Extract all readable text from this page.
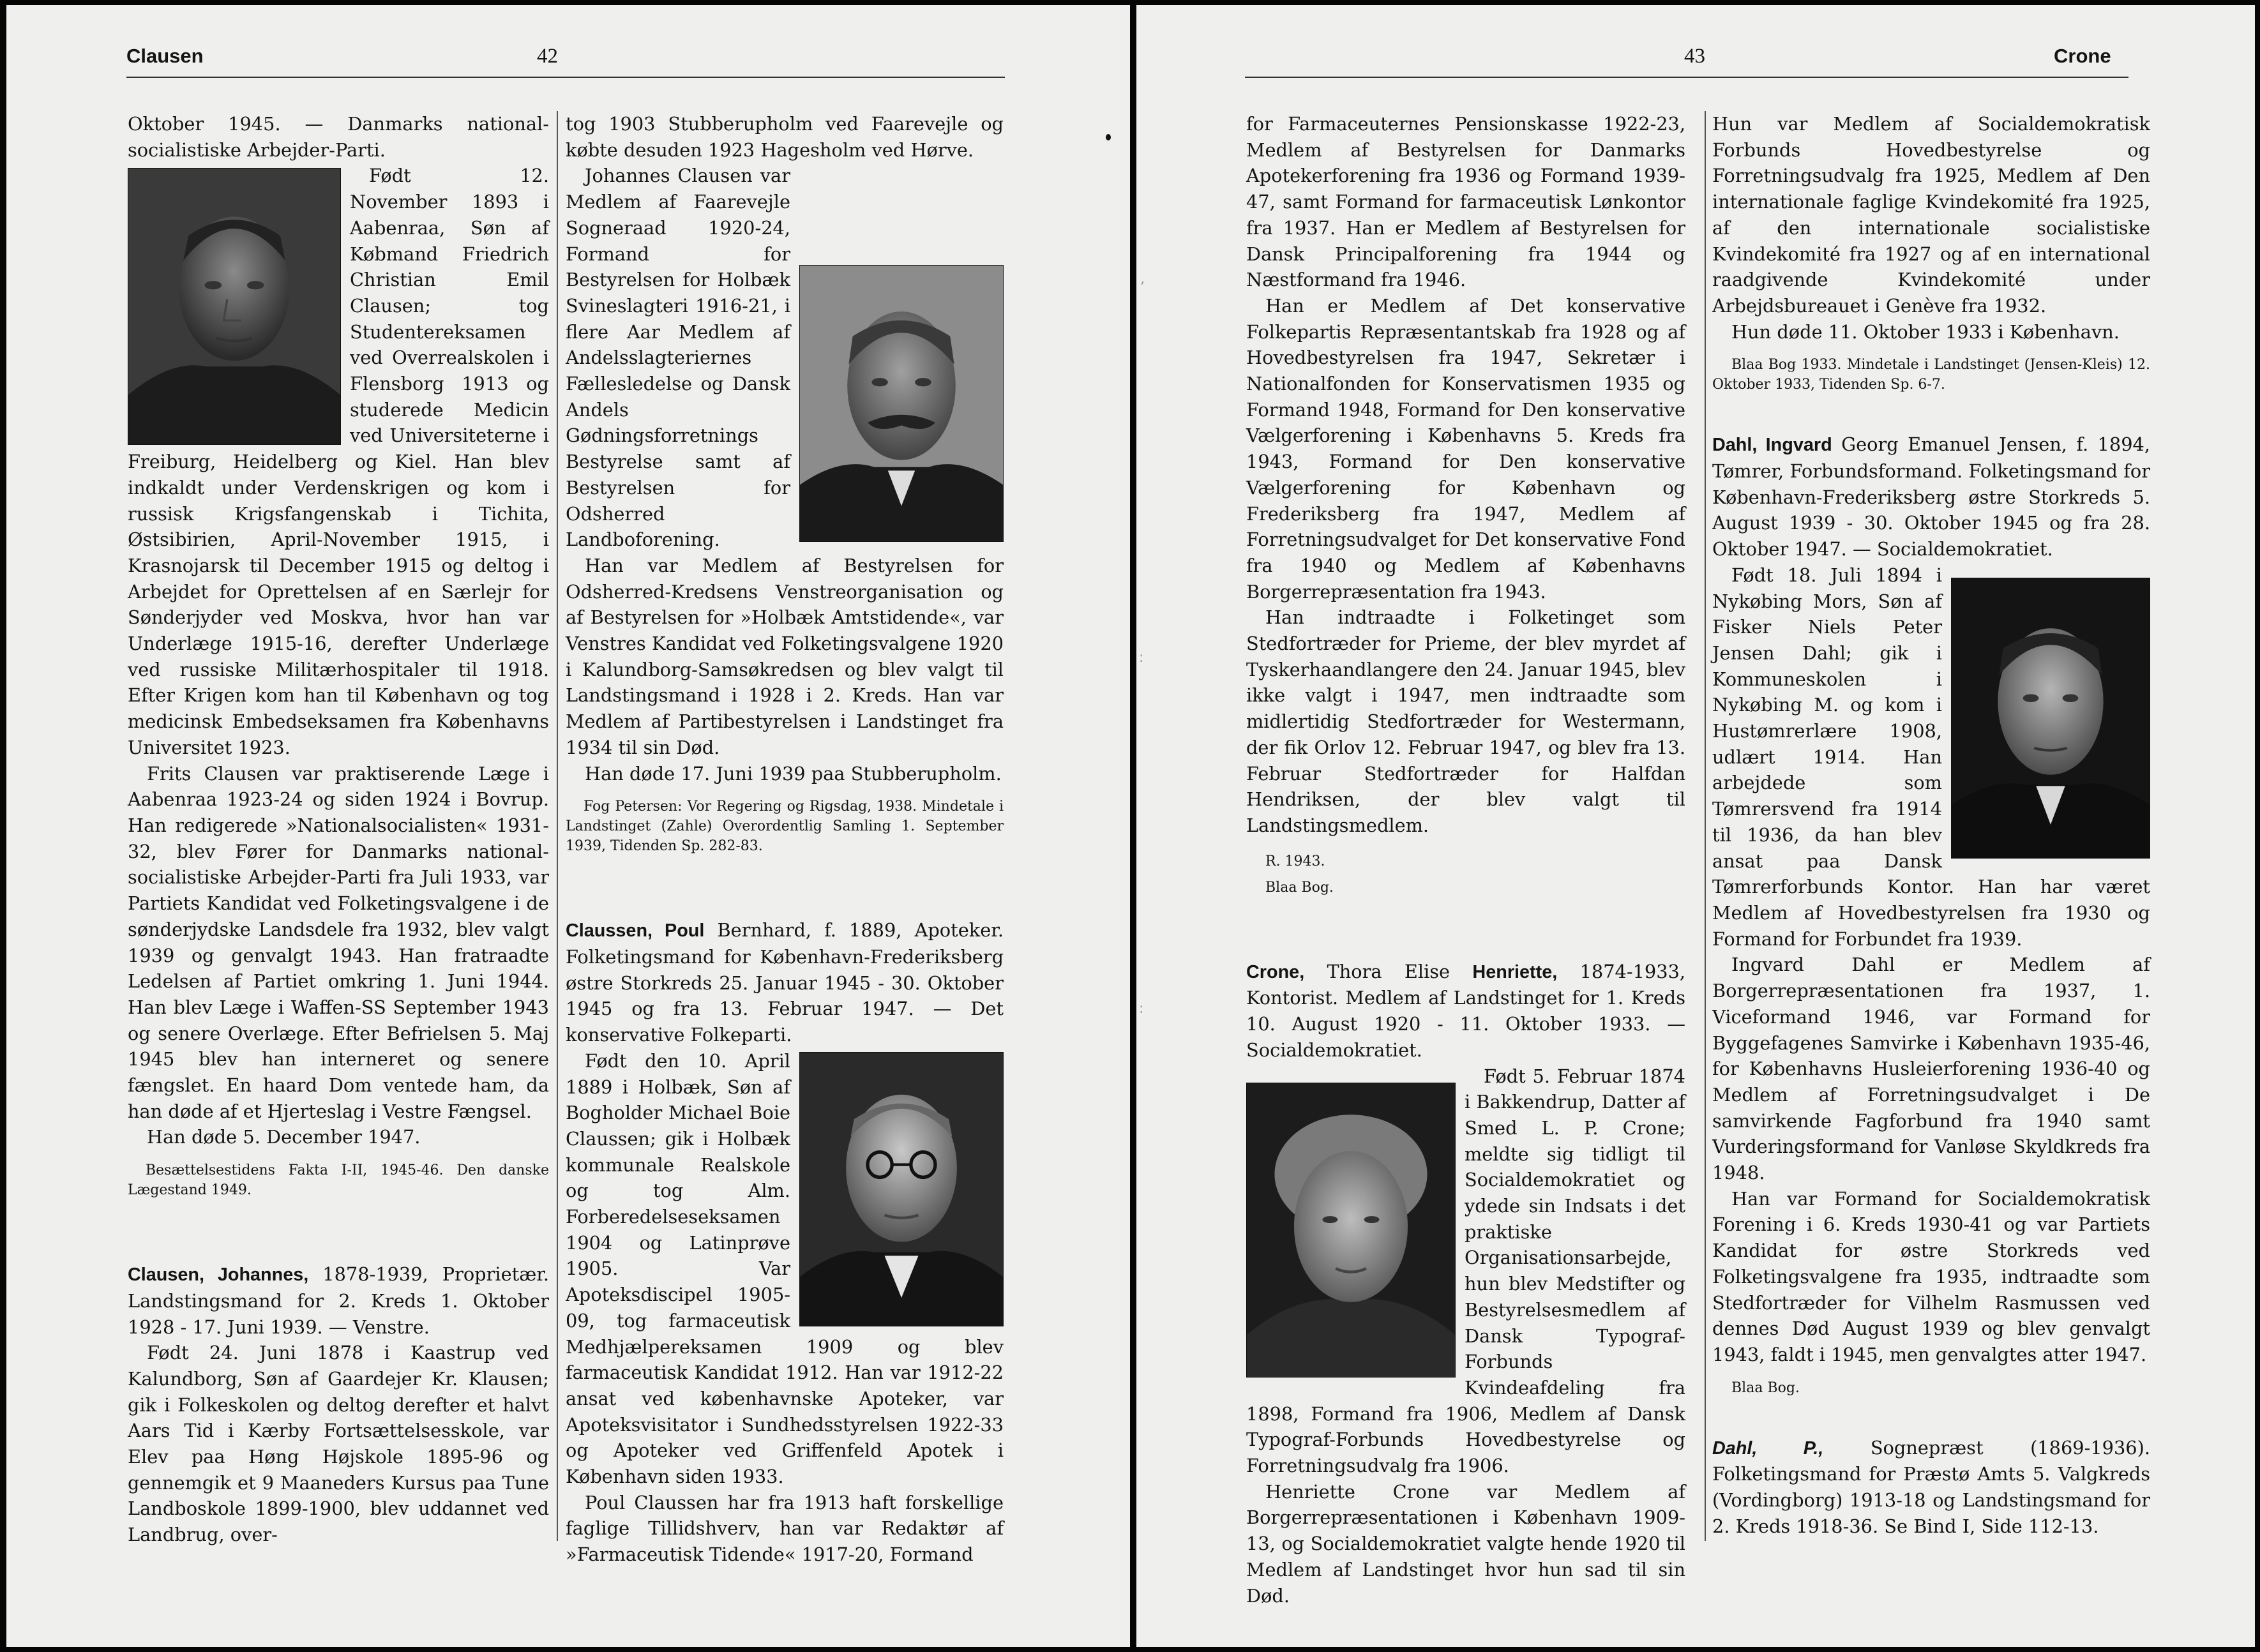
Clausen	42

Oktober 1945. — Danmarks national-socialistiske Arbejder-Parti.

Født 12. November 1893 i Aabenraa, Søn af Købmand Friedrich Christian Emil Clausen; tog Studentereksamen ved Overrealskolen i Flensborg 1913 og studerede Medicin ved Universiteterne i Freiburg, Heidelberg og Kiel. Han blev indkaldt under Verdenskrigen og kom i russisk Krigsfangenskab i Tichita, Østsibirien, April-November 1915, i Krasnojarsk til December 1915 og deltog i Arbejdet for Oprettelsen af en Særlejr for Sønderjyder ved Moskva, hvor han var Underlæge 1915-16, derefter Underlæge ved russiske Militærhospitaler til 1918. Efter Krigen kom han til København og tog medicinsk Embedseksamen fra Københavns Universitet 1923.

Frits Clausen var praktiserende Læge i Aabenraa 1923-24 og siden 1924 i Bovrup. Han redigerede »Nationalsocialisten« 1931-32, blev Fører for Danmarks national-socialistiske Arbejder-Parti fra Juli 1933, var Partiets Kandidat ved Folketingsvalgene i de sønderjydske Landsdele fra 1932, blev valgt 1939 og genvalgt 1943. Han fratraadte Ledelsen af Partiet omkring 1. Juni 1944. Han blev Læge i Waffen-SS September 1943 og senere Overlæge. Efter Befrielsen 5. Maj 1945 blev han interneret og senere fængslet. En haard Dom ventede ham, da han døde af et Hjerteslag i Vestre Fængsel.

Han døde 5. December 1947.

Besættelsestidens Fakta I-II, 1945-46. Den danske Lægestand 1949.

Clausen, Johannes, 1878-1939, Proprietær. Landstingsmand for 2. Kreds 1. Oktober 1928 - 17. Juni 1939. — Venstre.

Født 24. Juni 1878 i Kaastrup ved Kalundborg, Søn af Gaardejer Kr. Klausen; gik i Folkeskolen og deltog derefter et halvt Aars Tid i Kærby Fortsættelsesskole, var Elev paa Høng Højskole 1895-96 og gennemgik et 9 Maaneders Kursus paa Tune Landboskole 1899-1900, blev uddannet ved Landbrug, over-

tog 1903 Stubberupholm ved Faarevejle og købte desuden 1923 Hagesholm ved Hørve.

Johannes Clausen var Medlem af Faarevejle Sogneraad 1920-24, Formand for Bestyrelsen for Holbæk Svineslagteri 1916-21, i flere Aar Medlem af Andelsslagteriernes Fællesledelse og Dansk Andels Gødningsforretnings Bestyrelse samt af Bestyrelsen for Odsherred Landboforening.

Han var Medlem af Bestyrelsen for Odsherred-Kredsens Venstreorganisation og af Bestyrelsen for »Holbæk Amtstidende«, var Venstres Kandidat ved Folketingsvalgene 1920 i Kalundborg-Samsøkredsen og blev valgt til Landstingsmand i 1928 i 2. Kreds. Han var Medlem af Partibestyrelsen i Landstinget fra 1934 til sin Død.

Han døde 17. Juni 1939 paa Stubberupholm.

Fog Petersen: Vor Regering og Rigsdag, 1938. Mindetale i Landstinget (Zahle) Overordentlig Samling 1. September 1939, Tidenden Sp. 282-83.

Claussen, Poul Bernhard, f. 1889, Apoteker. Folketingsmand for København-Frederiksberg østre Storkreds 25. Januar 1945 - 30. Oktober 1945 og fra 13. Februar 1947. — Det konservative Folkeparti.

Født den 10. April 1889 i Holbæk, Søn af Bogholder Michael Boie Claussen; gik i Holbæk kommunale Realskole og tog Alm. Forberedelseseksamen 1904 og Latinprøve 1905. Var Apoteksdiscipel 1905-09, tog farmaceutisk Medhjælpereksamen 1909 og blev farmaceutisk Kandidat 1912. Han var 1912-22 ansat ved københavnske Apoteker, var Apoteksvisitator i Sundhedsstyrelsen 1922-33 og Apoteker ved Griffenfeld Apotek i København siden 1933.

Poul Claussen har fra 1913 haft forskellige faglige Tillidshverv, han var Redaktør af »Farmaceutisk Tidende« 1917-20, Formand

43	Crone

for Farmaceuternes Pensionskasse 1922-23, Medlem af Bestyrelsen for Danmarks Apotekerforening fra 1936 og Formand 1939-47, samt Formand for farmaceutisk Lønkontor fra 1937. Han er Medlem af Bestyrelsen for Dansk Principalforening fra 1944 og Næstformand fra 1946.

Han er Medlem af Det konservative Folkepartis Repræsentantskab fra 1928 og af Hovedbestyrelsen fra 1947, Sekretær i Nationalfonden for Konservatismen 1935 og Formand 1948, Formand for Den konservative Vælgerforening i Københavns 5. Kreds fra 1943, Formand for Den konservative Vælgerforening for København og Frederiksberg fra 1947, Medlem af Forretningsudvalget for Det konservative Fond fra 1940 og Medlem af Københavns Borgerrepræsentation fra 1943.

Han indtraadte i Folketinget som Stedfortræder for Prieme, der blev myrdet af Tyskerhaandlangere den 24. Januar 1945, blev ikke valgt i 1947, men indtraadte som midlertidig Stedfortræder for Westermann, der fik Orlov 12. Februar 1947, og blev fra 13. Februar Stedfortræder for Halfdan Hendriksen, der blev valgt til Landstingsmedlem.

R. 1943.

Blaa Bog.

Crone, Thora Elise Henriette, 1874-1933, Kontorist. Medlem af Landstinget for 1. Kreds 10. August 1920 - 11. Oktober 1933. — Socialdemokratiet.

Født 5. Februar 1874 i Bakkendrup, Datter af Smed L. P. Crone; meldte sig tidligt til Socialdemokratiet og ydede sin Indsats i det praktiske Organisationsarbejde, hun blev Medstifter og Bestyrelsesmedlem af Dansk Typograf-Forbunds Kvindeafdeling fra 1898, Formand fra 1906, Medlem af Dansk Typograf-Forbunds Hovedbestyrelse og Forretningsudvalg fra 1906.

Henriette Crone var Medlem af Borgerrepræsentationen i København 1909-13, og Socialdemokratiet valgte hende 1920 til Medlem af Landstinget hvor hun sad til sin Død.

Hun var Medlem af Socialdemokratisk Forbunds Hovedbestyrelse og Forretningsudvalg fra 1925, Medlem af Den internationale faglige Kvindekomité fra 1925, af den internationale socialistiske Kvindekomité fra 1927 og af en international raadgivende Kvindekomité under Arbejdsbureauet i Genève fra 1932.

Hun døde 11. Oktober 1933 i København.

Blaa Bog 1933. Mindetale i Landstinget (Jensen-Kleis) 12. Oktober 1933, Tidenden Sp. 6-7.

Dahl, Ingvard Georg Emanuel Jensen, f. 1894, Tømrer, Forbundsformand. Folketingsmand for København-Frederiksberg østre Storkreds 5. August 1939 - 30. Oktober 1945 og fra 28. Oktober 1947. — Socialdemokratiet.

Født 18. Juli 1894 i Nykøbing Mors, Søn af Fisker Niels Peter Jensen Dahl; gik i Kommuneskolen i Nykøbing M. og kom i Hustømrerlære 1908, udlært 1914. Han arbejdede som Tømrersvend fra 1914 til 1936, da han blev ansat paa Dansk Tømrerforbunds Kontor. Han har været Medlem af Hovedbestyrelsen fra 1930 og Formand for Forbundet fra 1939.

Ingvard Dahl er Medlem af Borgerrepræsentationen fra 1937, 1. Viceformand 1946, var Formand for Byggefagenes Samvirke i København 1935-46, for Københavns Husleierforening 1936-40 og Medlem af Forretningsudvalget i De samvirkende Fagforbund fra 1940 samt Vurderingsformand for Vanløse Skyldkreds fra 1948.

Han var Formand for Socialdemokratisk Forening i 6. Kreds 1930-41 og var Partiets Kandidat for østre Storkreds ved Folketingsvalgene fra 1935, indtraadte som Stedfortræder for Vilhelm Rasmussen ved dennes Død August 1939 og blev genvalgt 1943, faldt i 1945, men genvalgtes atter 1947.

Blaa Bog.

Dahl, P.,	Sognepræst (1869-1936). Folketingsmand for Præstø Amts 5. Valgkreds (Vordingborg) 1913-18 og Landstingsmand for 2. Kreds 1918-36. Se Bind I, Side 112-13.

ʼ
:
:
